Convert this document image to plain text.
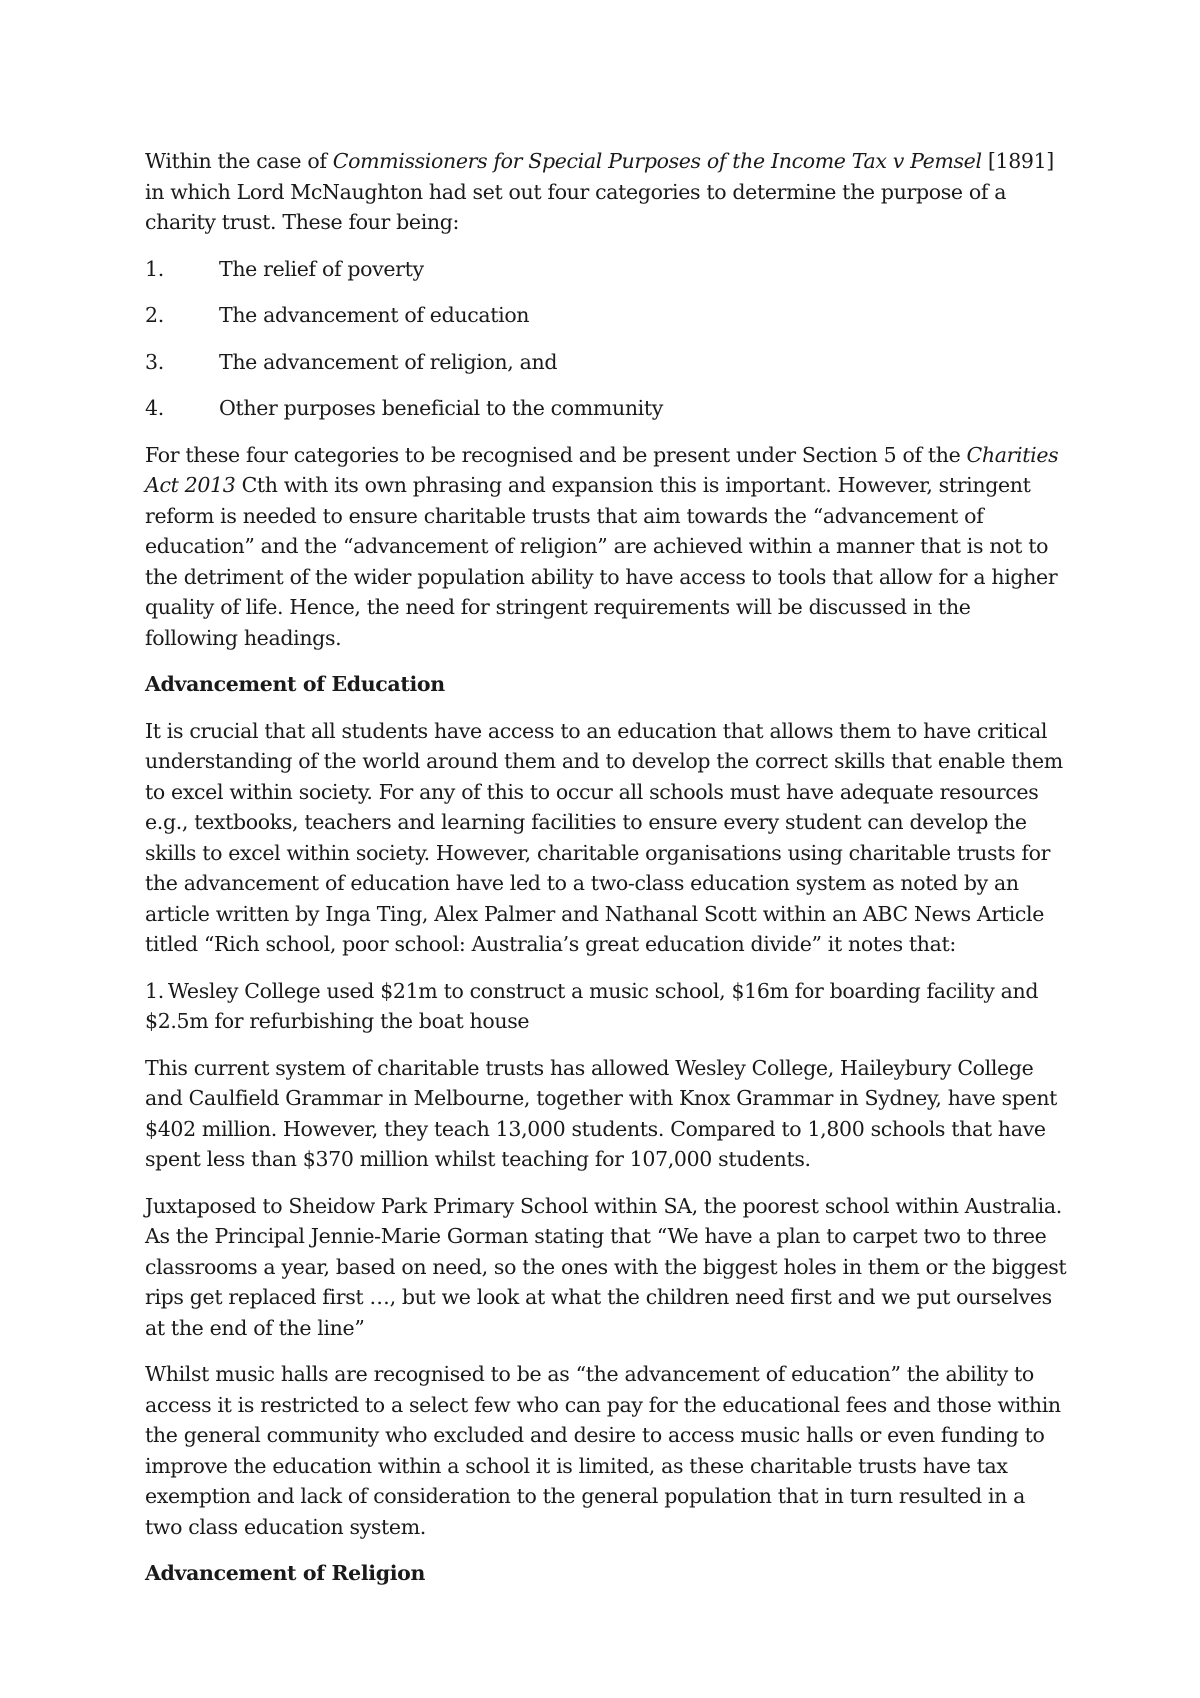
Within the case of Commissioners for Special Purposes of the Income Tax v Pemsel [1891] in which Lord McNaughton had set out four categories to determine the purpose of a charity trust. These four being:

1.	The relief of poverty
2.	The advancement of education
3.	The advancement of religion, and
4.	Other purposes beneficial to the community

For these four categories to be recognised and be present under Section 5 of the Charities Act 2013 Cth with its own phrasing and expansion this is important. However, stringent reform is needed to ensure charitable trusts that aim towards the “advancement of education” and the “advancement of religion” are achieved within a manner that is not to the detriment of the wider population ability to have access to tools that allow for a higher quality of life. Hence, the need for stringent requirements will be discussed in the following headings.

Advancement of Education

It is crucial that all students have access to an education that allows them to have critical understanding of the world around them and to develop the correct skills that enable them to excel within society. For any of this to occur all schools must have adequate resources e.g., textbooks, teachers and learning facilities to ensure every student can develop the skills to excel within society. However, charitable organisations using charitable trusts for the advancement of education have led to a two-class education system as noted by an article written by Inga Ting, Alex Palmer and Nathanal Scott within an ABC News Article titled “Rich school, poor school: Australia’s great education divide” it notes that:

1. Wesley College used $21m to construct a music school, $16m for boarding facility and $2.5m for refurbishing the boat house

This current system of charitable trusts has allowed Wesley College, Haileybury College and Caulfield Grammar in Melbourne, together with Knox Grammar in Sydney, have spent $402 million. However, they teach 13,000 students. Compared to 1,800 schools that have spent less than $370 million whilst teaching for 107,000 students.

Juxtaposed to Sheidow Park Primary School within SA, the poorest school within Australia. As the Principal Jennie-Marie Gorman stating that “We have a plan to carpet two to three classrooms a year, based on need, so the ones with the biggest holes in them or the biggest rips get replaced first …, but we look at what the children need first and we put ourselves at the end of the line”

Whilst music halls are recognised to be as “the advancement of education” the ability to access it is restricted to a select few who can pay for the educational fees and those within the general community who excluded and desire to access music halls or even funding to improve the education within a school it is limited, as these charitable trusts have tax exemption and lack of consideration to the general population that in turn resulted in a two class education system.

Advancement of Religion
